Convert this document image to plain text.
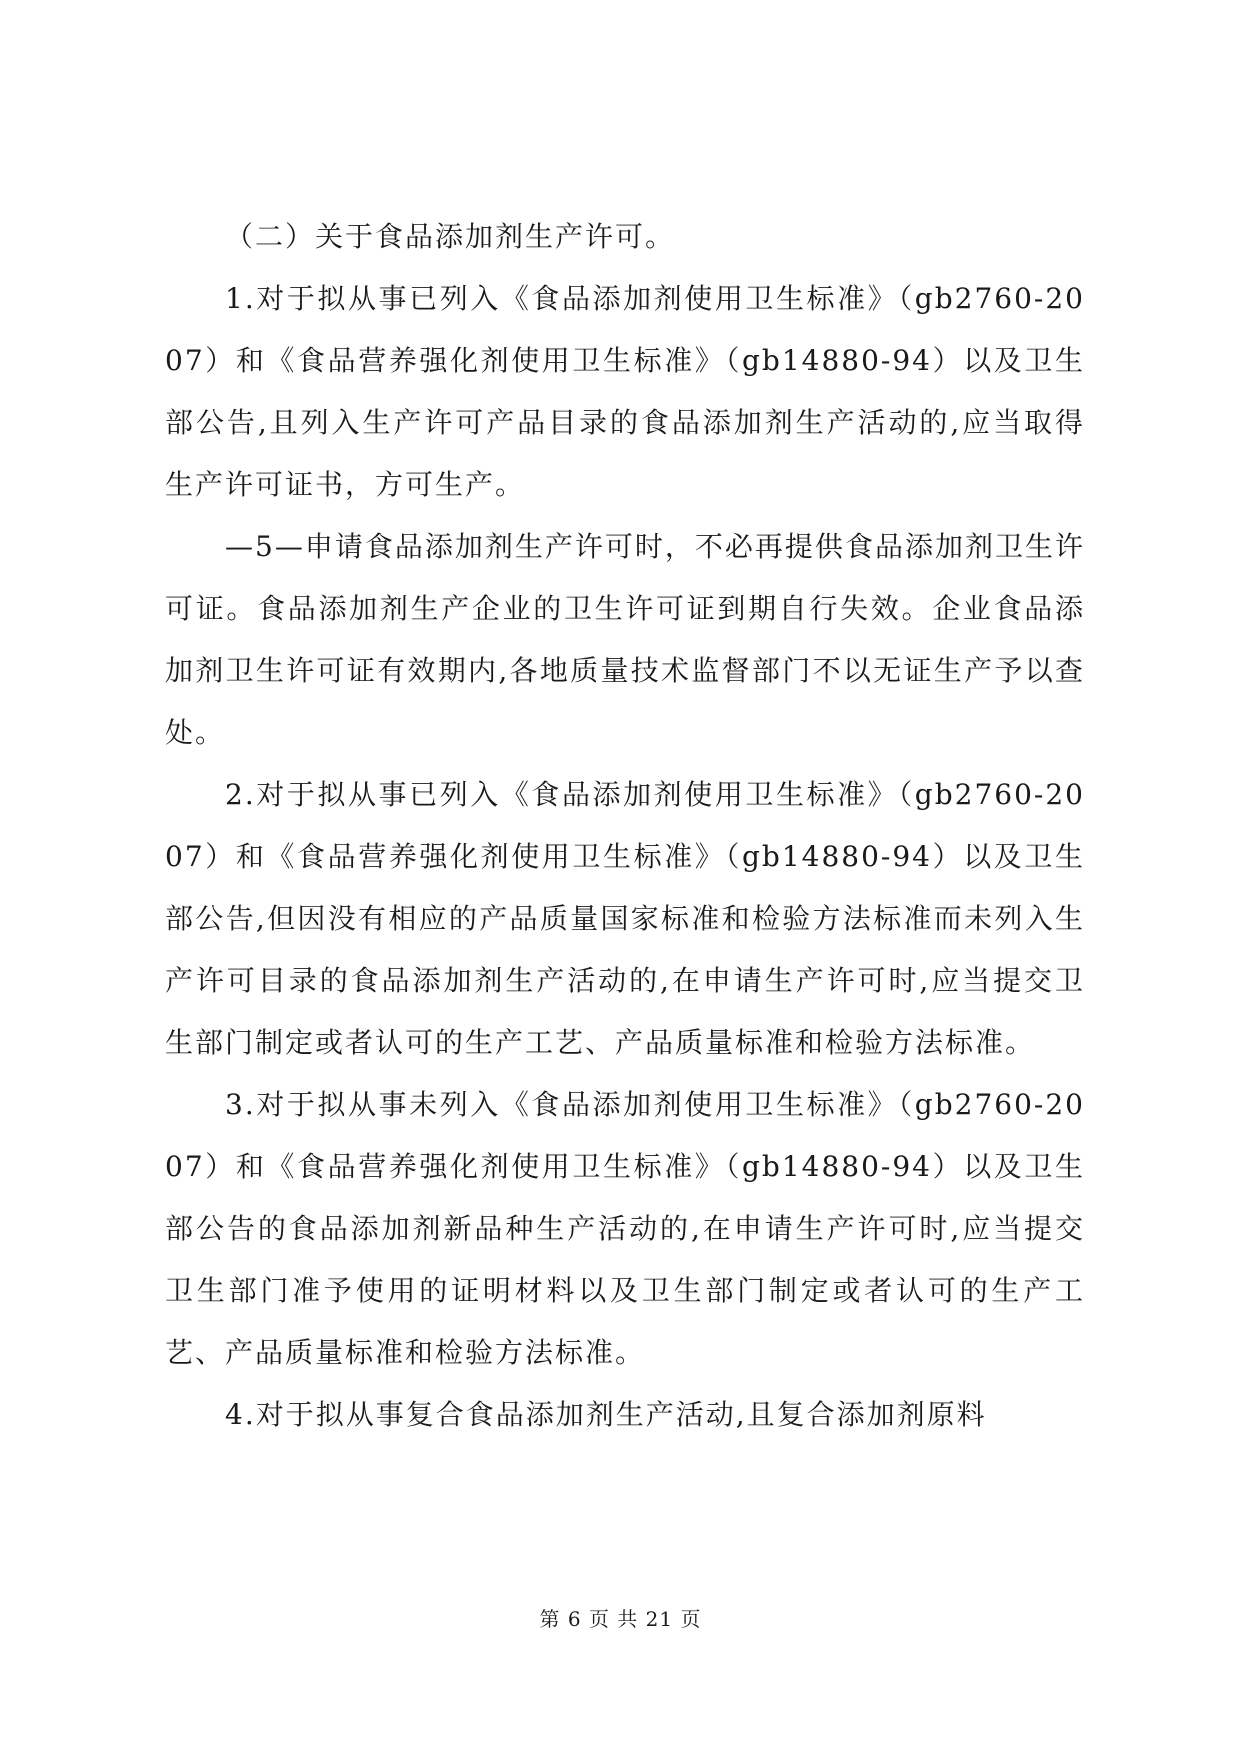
（二）关于食品添加剂生产许可。

1.对于拟从事已列入《食品添加剂使用卫生标准》（gb2760-2007）和《食品营养强化剂使用卫生标准》（gb14880-94）以及卫生部公告,且列入生产许可产品目录的食品添加剂生产活动的,应当取得生产许可证书，方可生产。

—5—申请食品添加剂生产许可时，不必再提供食品添加剂卫生许可证。食品添加剂生产企业的卫生许可证到期自行失效。企业食品添加剂卫生许可证有效期内,各地质量技术监督部门不以无证生产予以查处。

2.对于拟从事已列入《食品添加剂使用卫生标准》（gb2760-2007）和《食品营养强化剂使用卫生标准》（gb14880-94）以及卫生部公告,但因没有相应的产品质量国家标准和检验方法标准而未列入生产许可目录的食品添加剂生产活动的,在申请生产许可时,应当提交卫生部门制定或者认可的生产工艺、产品质量标准和检验方法标准。

3.对于拟从事未列入《食品添加剂使用卫生标准》（gb2760-2007）和《食品营养强化剂使用卫生标准》（gb14880-94）以及卫生部公告的食品添加剂新品种生产活动的,在申请生产许可时,应当提交卫生部门准予使用的证明材料以及卫生部门制定或者认可的生产工艺、产品质量标准和检验方法标准。

4.对于拟从事复合食品添加剂生产活动,且复合添加剂原料

第 6 页 共 21 页
